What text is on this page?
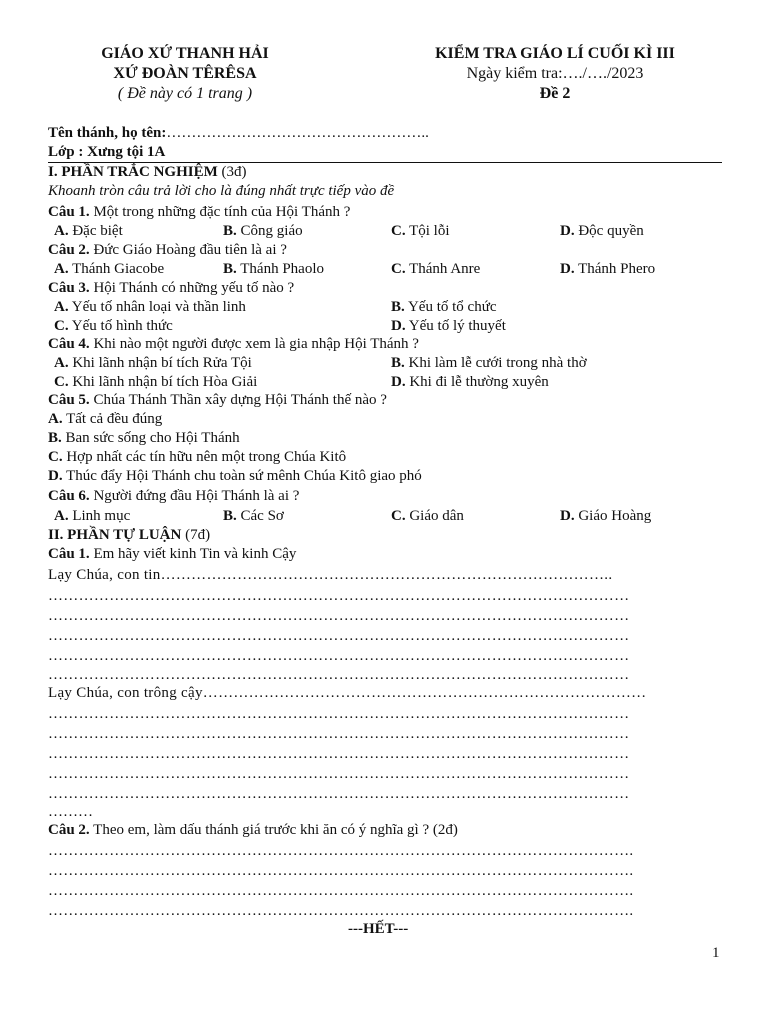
GIÁO XỨ THANH HẢI
XỨ ĐOÀN TÊRÊSA
( Đề này có 1 trang )
KIỂM TRA GIÁO LÍ CUỐI KÌ III
Ngày kiểm tra:…./…./2023
Đề 2
Tên thánh, họ tên:……………………………………………..
Lớp : Xưng tội 1A
I. PHẦN TRẮC NGHIỆM (3đ)
Khoanh tròn câu trả lời cho là đúng nhất trực tiếp vào đề
Câu 1. Một trong những đặc tính của Hội Thánh ?
A. Đặc biệt	B. Công giáo	C. Tội lỗi	D. Độc quyền
Câu 2. Đức Giáo Hoàng đầu tiên là ai ?
A. Thánh Giacobe	B. Thánh Phaolo	C. Thánh Anre	D. Thánh Phero
Câu 3. Hội Thánh có những yếu tố nào ?
A. Yếu tố nhân loại và thần linh	B. Yếu tố tổ chức
C. Yếu tố hình thức	D. Yếu tố lý thuyết
Câu 4. Khi nào một người được xem là gia nhập Hội Thánh ?
A. Khi lãnh nhận bí tích Rửa Tội	B. Khi làm lễ cưới trong nhà thờ
C. Khi lãnh nhận bí tích Hòa Giải	D. Khi đi lễ thường xuyên
Câu 5. Chúa Thánh Thần xây dựng Hội Thánh thế nào ?
A. Tất cả đều đúng
B. Ban sức sống cho Hội Thánh
C. Hợp nhất các tín hữu nên một trong Chúa Kitô
D. Thúc đẩy Hội Thánh chu toàn sứ mênh Chúa Kitô giao phó
Câu 6. Người đứng đầu Hội Thánh là ai ?
A. Linh mục	B. Các Sơ	C. Giáo dân	D. Giáo Hoàng
II. PHẦN TỰ LUẬN (7đ)
Câu 1. Em hãy viết kinh Tin và kinh Cậy
Lạy Chúa, con tin……………………………………………………………………………..
……………………………………………………………………………………………………
……………………………………………………………………………………………………
……………………………………………………………………………………………………
……………………………………………………………………………………………………
……………………………………………………………………………………………………
Lạy Chúa, con trông cậy……………………………………………………………………………
……………………………………………………………………………………………………
……………………………………………………………………………………………………
……………………………………………………………………………………………………
……………………………………………………………………………………………………
……………………………………………………………………………………………………
………
Câu 2. Theo em, làm dấu thánh giá trước khi ăn có ý nghĩa gì ? (2đ)
…………………………………………………………………………………………………….
…………………………………………………………………………………………………….
…………………………………………………………………………………………………….
…………………………………………………………………………………………………….
---HẾT---
1
